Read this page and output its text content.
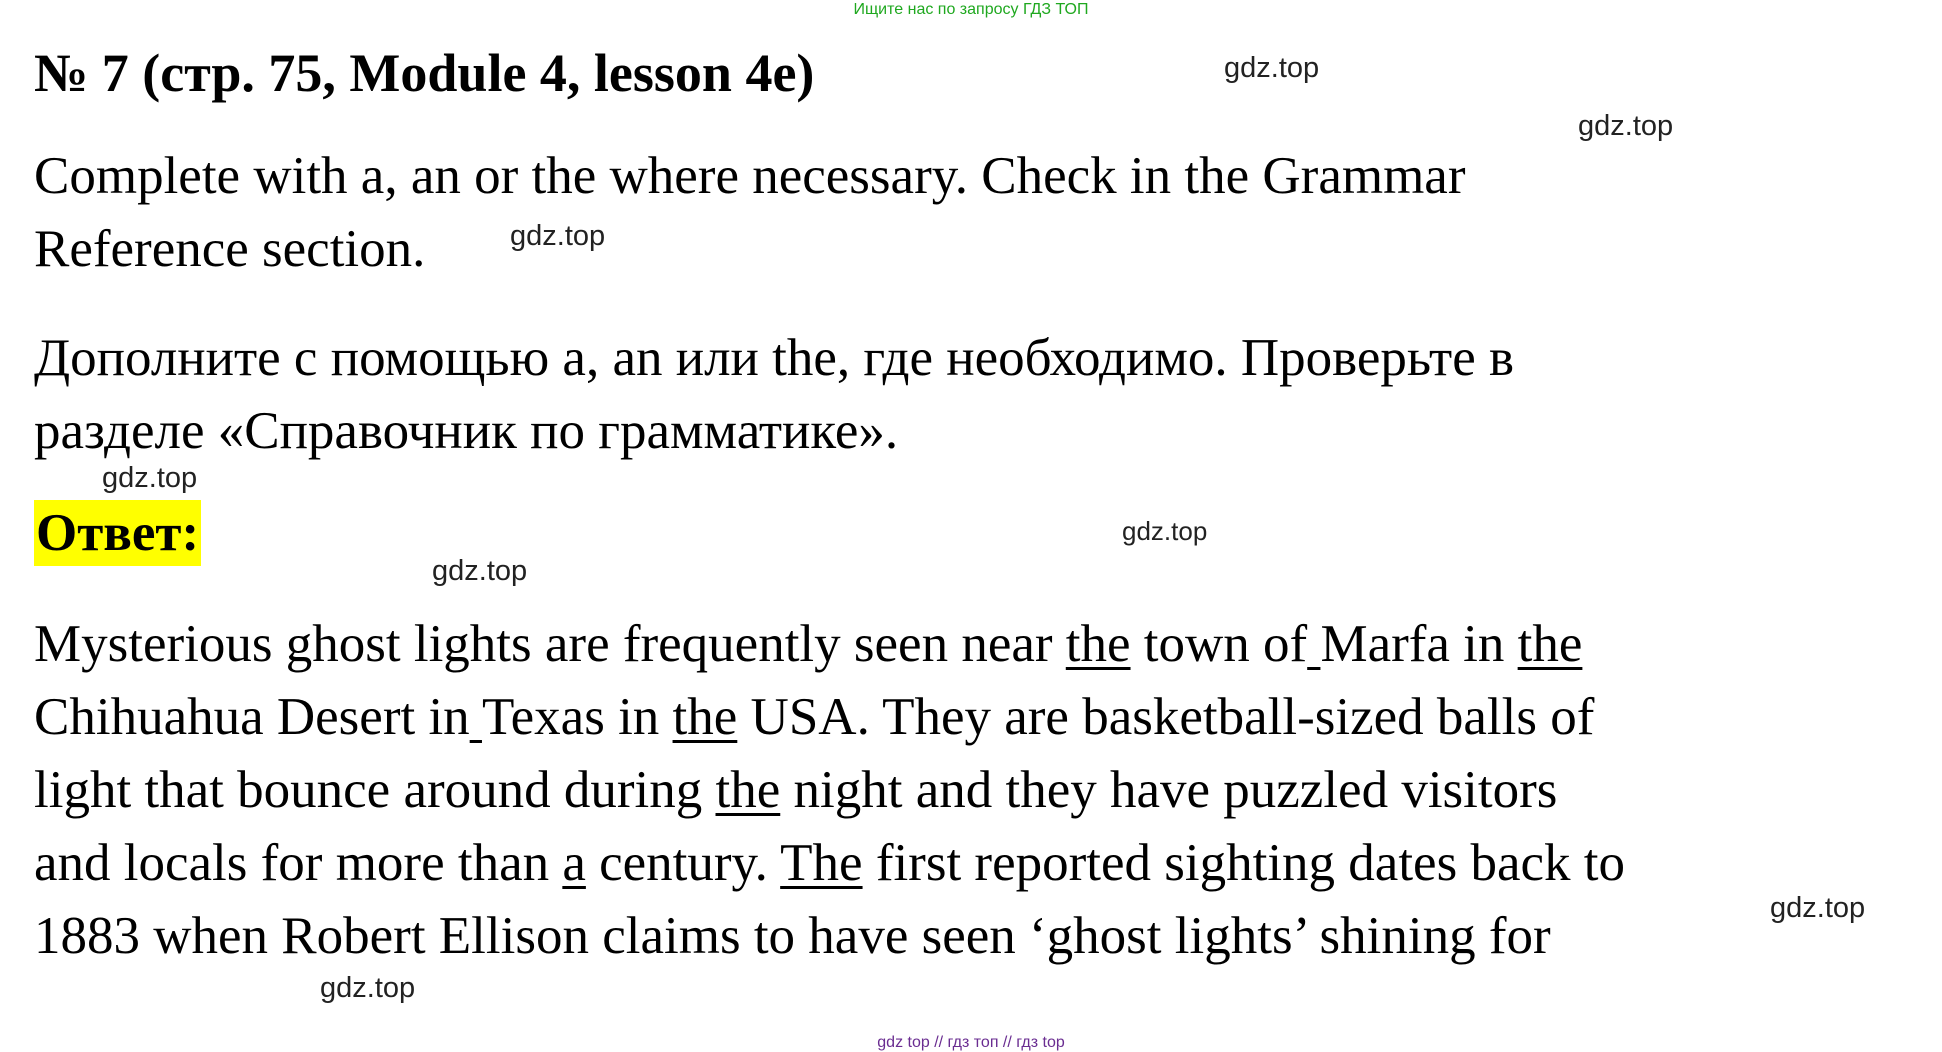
Ищите нас по запросу ГДЗ ТОП
№ 7 (стр. 75, Module 4, lesson 4e)

Complete with a, an or the where necessary. Check in the Grammar
Reference section.

Дополните с помощью a, an или the, где необходимо. Проверьте в
разделе «Справочник по грамматике».

Ответ:

Mysterious ghost lights are frequently seen near the town of Marfa in the
Chihuahua Desert in Texas in the USA. They are basketball-sized balls of
light that bounce around during the night and they have puzzled visitors
and locals for more than a century. The first reported sighting dates back to
1883 when Robert Ellison claims to have seen ‘ghost lights’ shining for

gdz.top
gdz.top
gdz.top
gdz.top
gdz.top
gdz.top
gdz.top
gdz.top
gdz top // гдз топ // гдз top
